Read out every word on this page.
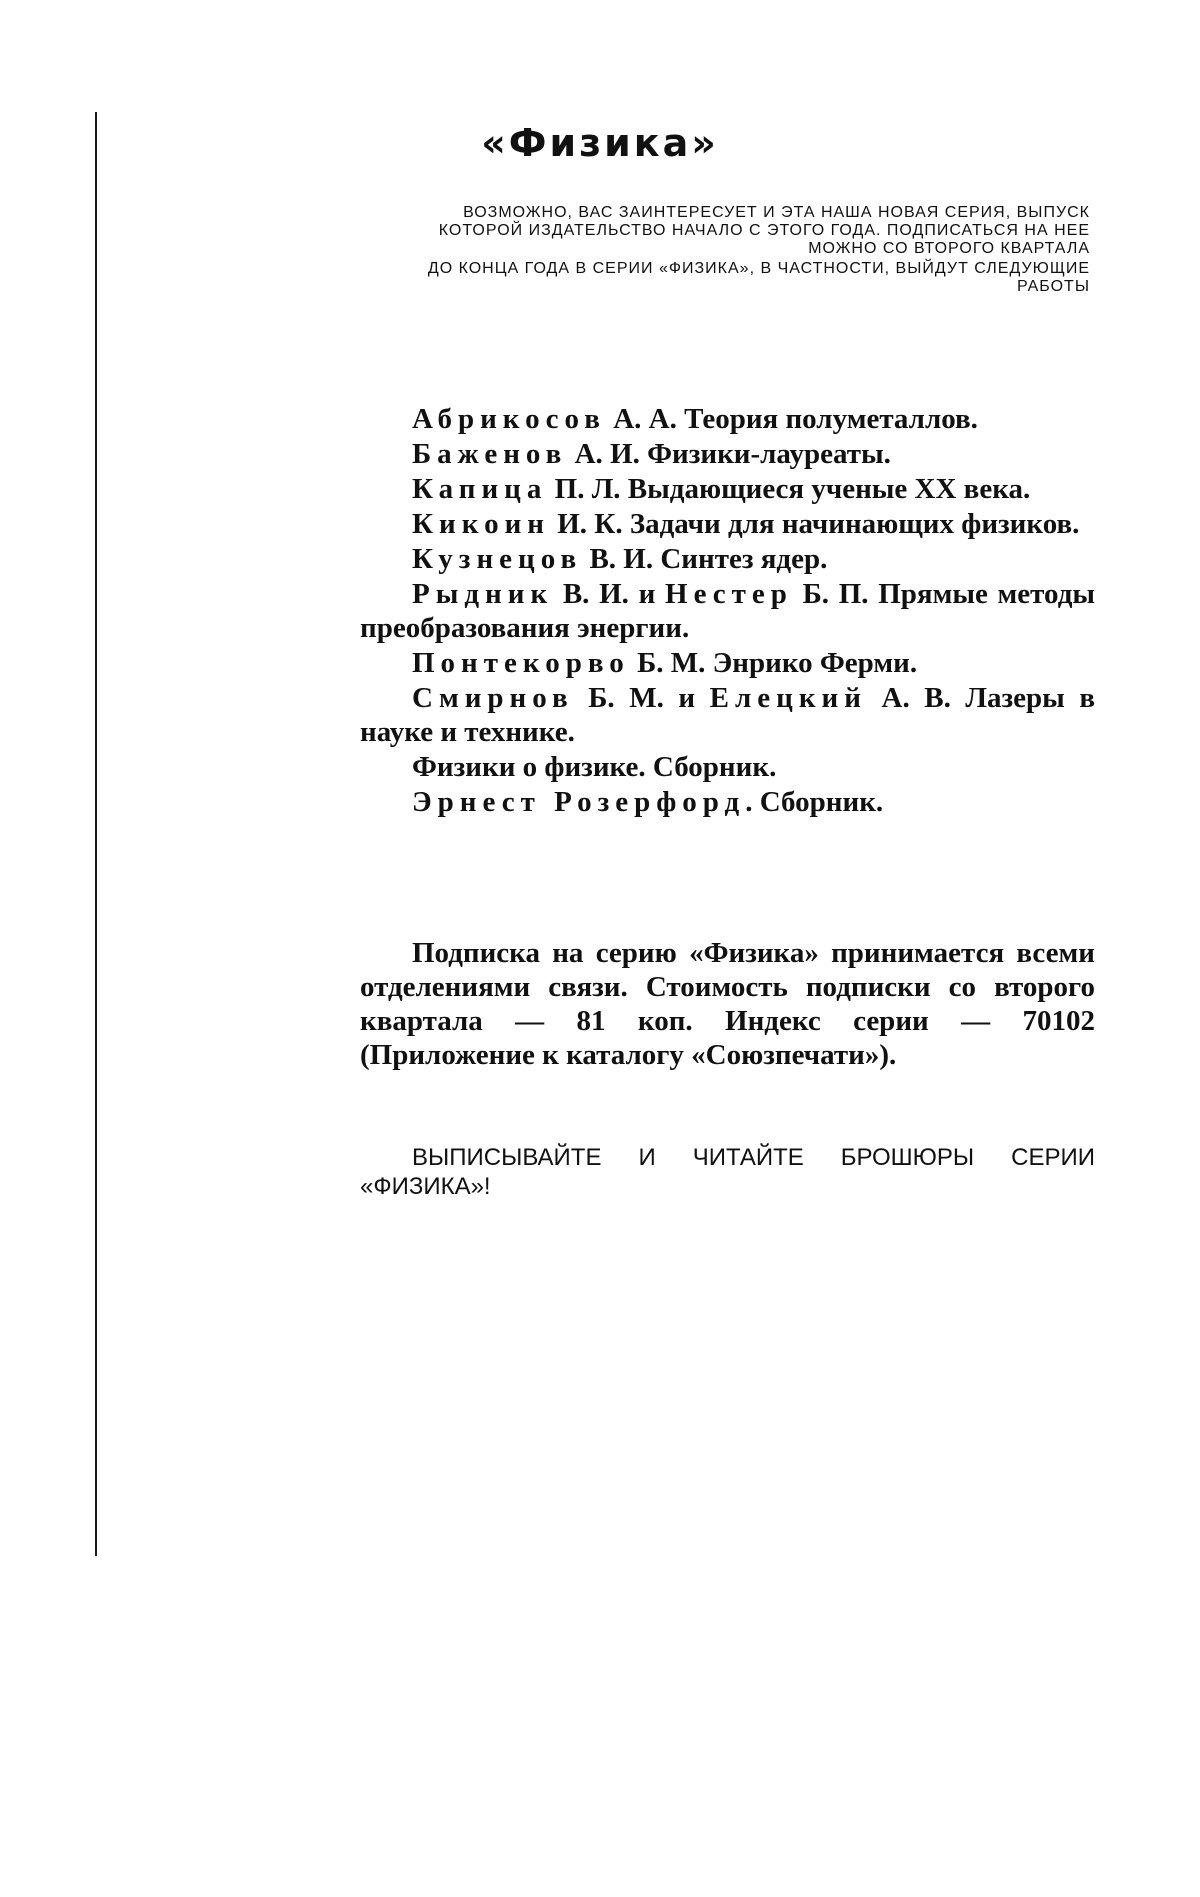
«Физика»

ВОЗМОЖНО, ВАС ЗАИНТЕРЕСУЕТ И ЭТА НАША НОВАЯ СЕРИЯ, ВЫПУСК КОТОРОЙ ИЗДАТЕЛЬСТВО НАЧАЛО С ЭТОГО ГОДА. ПОДПИСАТЬСЯ НА НЕЕ МОЖНО СО ВТОРОГО КВАРТАЛА

ДО КОНЦА ГОДА В СЕРИИ «ФИЗИКА», В ЧАСТНОСТИ, ВЫЙДУТ СЛЕДУЮЩИЕ РАБОТЫ

Абрикосов А. А. Теория полуметаллов.
Баженов А. И. Физики-лауреаты.
Капица П. Л. Выдающиеся ученые XX века.
Кикоин И. К. Задачи для начинающих физиков.
Кузнецов В. И. Синтез ядер.
Рыдник В. И. и Нестер Б. П. Прямые методы преобразования энергии.
Понтекорво Б. М. Энрико Ферми.
Смирнов Б. М. и Елецкий А. В. Лазеры в науке и технике.
Физики о физике. Сборник.
Эрнест Розерфорд. Сборник.

Подписка на серию «Физика» принимается всеми отделениями связи. Стоимость подписки со второго квартала — 81 коп. Индекс серии — 70102 (Приложение к каталогу «Союзпечати»).

ВЫПИСЫВАЙТЕ И ЧИТАЙТЕ БРОШЮРЫ СЕРИИ «ФИЗИКА»!
